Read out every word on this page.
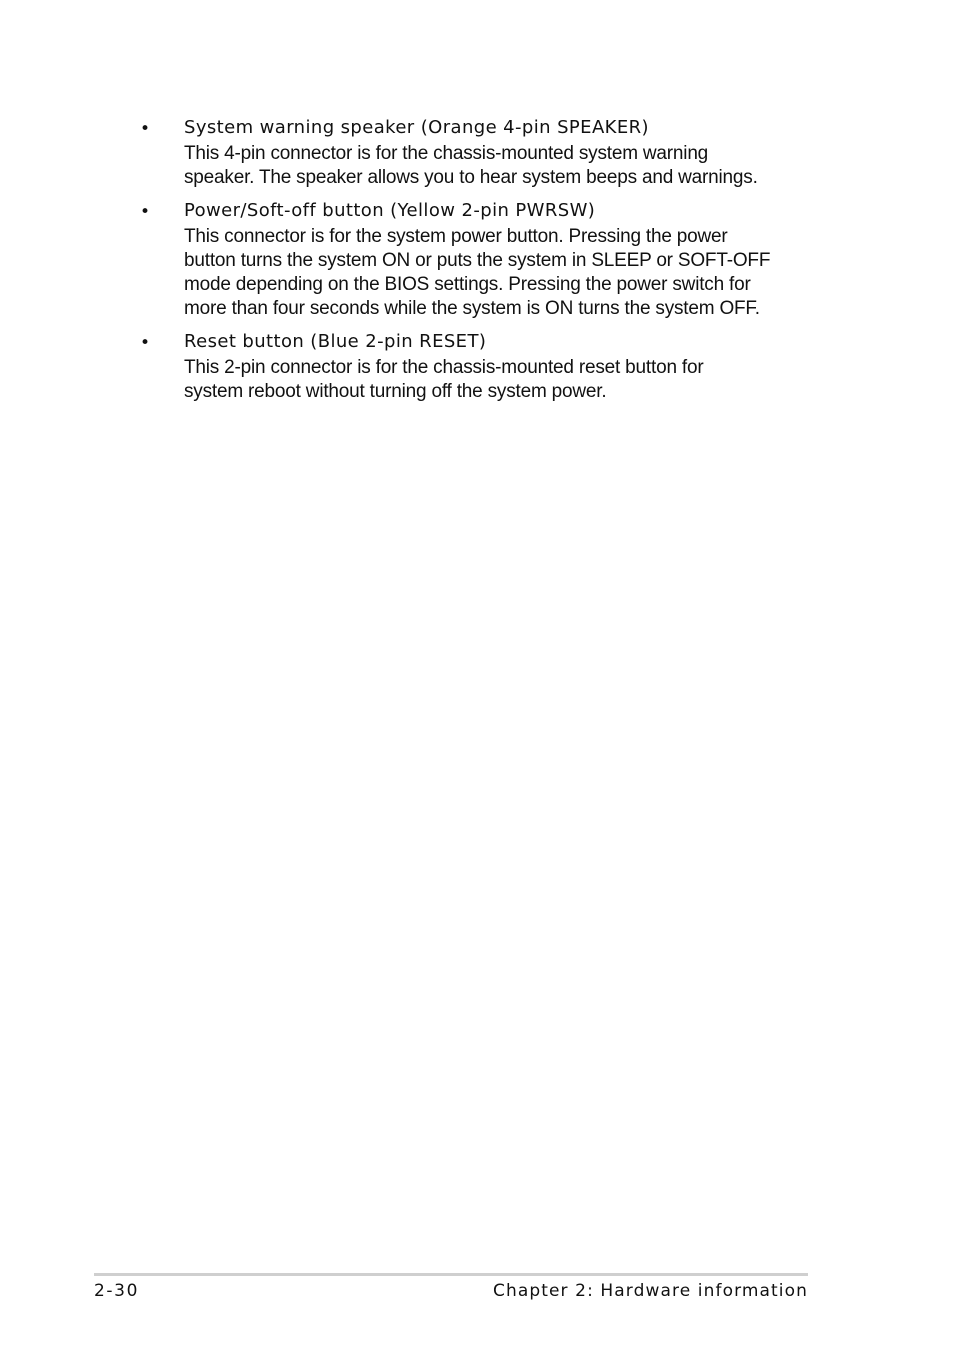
• System warning speaker (Orange 4-pin SPEAKER)
This 4-pin connector is for the chassis-mounted system warning
speaker. The speaker allows you to hear system beeps and warnings.
• Power/Soft-off button (Yellow 2-pin PWRSW)
This connector is for the system power button. Pressing the power
button turns the system ON or puts the system in SLEEP or SOFT-OFF
mode depending on the BIOS settings. Pressing the power switch for
more than four seconds while the system is ON turns the system OFF.
• Reset button (Blue 2-pin RESET)
This 2-pin connector is for the chassis-mounted reset button for
system reboot without turning off the system power.
2-30	Chapter 2: Hardware information
